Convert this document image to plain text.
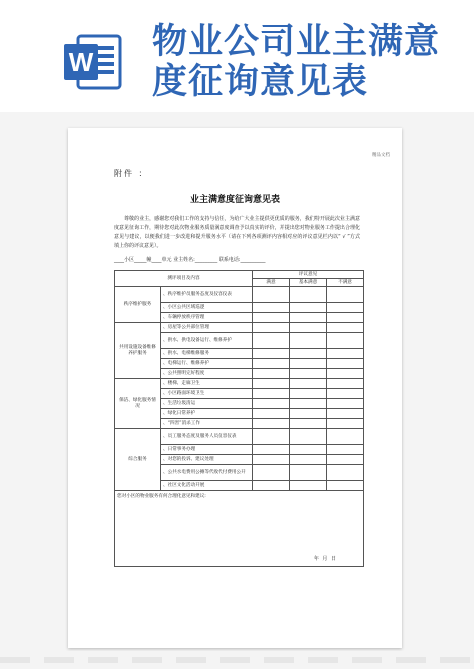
W 物业公司业主满意
度征询意见表
精品文档
附件 ：
业主满意度征询意见表
尊敬的业主，感谢您对我们工作的支持与信任，为给广大业主提供更优质的服务，我们特开展此次业主满意度意见征询工作，期待您对此次物业服务质量满意度调查予以真实的评价，并提出您对物业服务工作提出合理化意见与建议，以便我们进一步改进和提升服务水平（请在下列各项测评内容相对应的评议意见栏内以“ √ ”方式填上你的评议意见）。
____小区_____幢____单元 业主姓名:_________ 联系电话:__________
测评项目及内容		评议意见		
		满意	基本满意	不满意
秩序维护服务	、秩序维护员服务态度及仪容仪表			
	、小区公共区域巡逻			
	、车辆停放秩序管理			
共用设施设备维修养护服务	、房屋等公共部位管理			
	、供水、供电设备运行、维修养护			
	、供水、电梯维修服务			
	、电梯运行、维修养护			
	、公共照明完好程度			
保洁、绿化服务情况	、楼梯、走廊卫生			
	、小区路面环境卫生			
	、生活垃圾清运			
	、绿化日常养护			
	、“四害”消杀工作			
综合服务	、员工服务态度及服务人员仪容仪表			
	、日常事务办理			
	、对您的投诉、建议处理			
	、公共水电费用公摊等代收代付费用公开			
	、社区文化活动开展			

您对小区的物业服务有何合理化意见和建议:
年 月 日				
